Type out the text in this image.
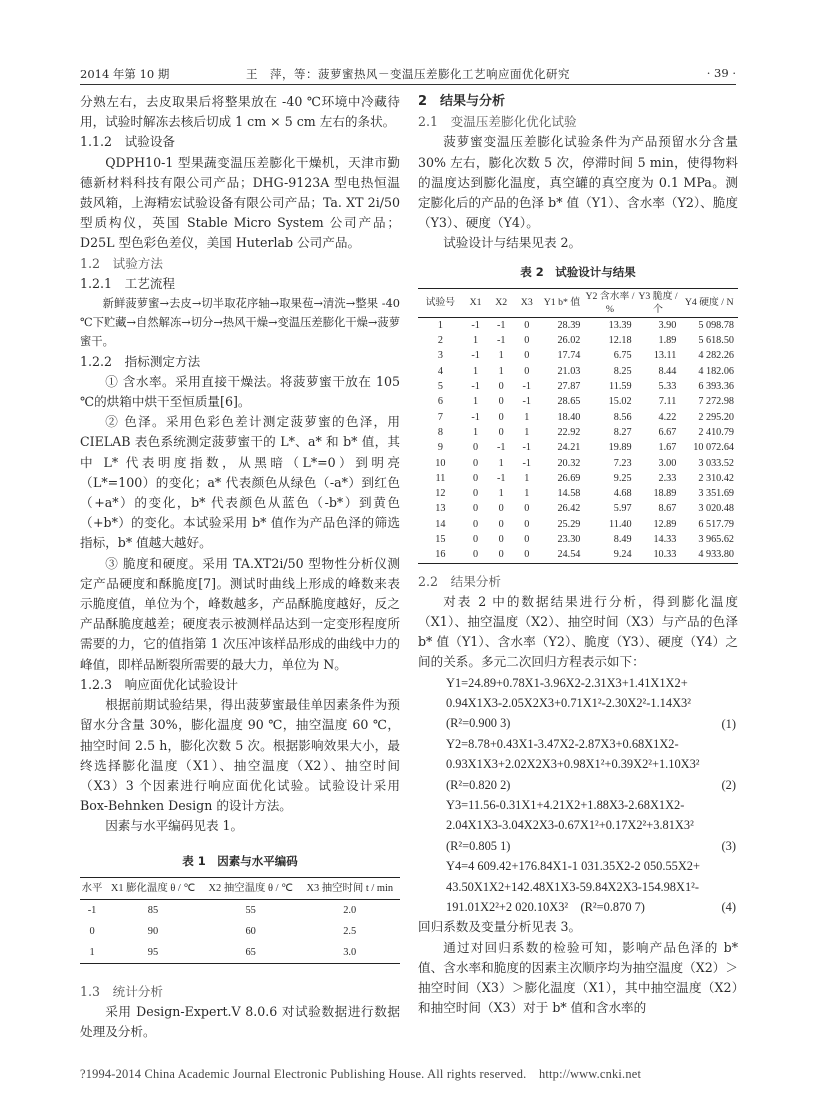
2014 年第 10 期	王　萍，等：菠萝蜜热风－变温压差膨化工艺响应面优化研究	· 39 ·

分熟左右，去皮取果后将整果放在 -40 ℃环境中冷藏待用，试验时解冻去核后切成 1 cm × 5 cm 左右的条状。

1.1.2　试验设备

QDPH10-1 型果蔬变温压差膨化干燥机，天津市勤德新材料科技有限公司产品；DHG-9123A 型电热恒温鼓风箱，上海精宏试验设备有限公司产品；Ta. XT 2i/50 型质构仪，英国 Stable Micro System 公司产品；D25L 型色彩色差仪，美国 Huterlab 公司产品。

1.2　试验方法

1.2.1　工艺流程

新鲜菠萝蜜→去皮→切半取花序轴→取果苞→清洗→整果 -40 ℃下贮藏→自然解冻→切分→热风干燥→变温压差膨化干燥→菠萝蜜干。

1.2.2　指标测定方法

① 含水率。采用直接干燥法。将菠萝蜜干放在 105 ℃的烘箱中烘干至恒质量[6]。

② 色泽。采用色彩色差计测定菠萝蜜的色泽，用 CIELAB 表色系统测定菠萝蜜干的 L*、a* 和 b* 值，其中 L* 代表明度指数，从黑暗（L*=0）到明亮（L*=100）的变化；a* 代表颜色从绿色（-a*）到红色（+a*）的变化，b* 代表颜色从蓝色（-b*）到黄色（+b*）的变化。本试验采用 b* 值作为产品色泽的筛选指标，b* 值越大越好。

③ 脆度和硬度。采用 TA.XT2i/50 型物性分析仪测定产品硬度和酥脆度[7]。测试时曲线上形成的峰数来表示脆度值，单位为个，峰数越多，产品酥脆度越好，反之产品酥脆度越差；硬度表示被测样品达到一定变形程度所需要的力，它的值指第 1 次压冲该样品形成的曲线中力的峰值，即样品断裂所需要的最大力，单位为 N。

1.2.3　响应面优化试验设计

根据前期试验结果，得出菠萝蜜最佳单因素条件为预留水分含量 30%，膨化温度 90 ℃，抽空温度 60 ℃，抽空时间 2.5 h，膨化次数 5 次。根据影响效果大小，最终选择膨化温度（X1）、抽空温度（X2）、抽空时间（X3）3 个因素进行响应面优化试验。试验设计采用 Box-Behnken Design 的设计方法。

因素与水平编码见表 1。

表 1　因素与水平编码
水平	X1 膨化温度 θ / ℃	X2 抽空温度 θ / ℃	X3 抽空时间 t / min
-1	85	55	2.0
0	90	60	2.5
1	95	65	3.0

1.3　统计分析

采用 Design-Expert.V 8.0.6 对试验数据进行数据处理及分析。

2　结果与分析

2.1　变温压差膨化优化试验

菠萝蜜变温压差膨化试验条件为产品预留水分含量 30% 左右，膨化次数 5 次，停滞时间 5 min，使得物料的温度达到膨化温度，真空罐的真空度为 0.1 MPa。测定膨化后的产品的色泽 b* 值（Y1）、含水率（Y2）、脆度（Y3）、硬度（Y4）。

试验设计与结果见表 2。

表 2　试验设计与结果
试验号	X1	X2	X3	Y1 b* 值	Y2 含水率 / %	Y3 脆度 / 个	Y4 硬度 / N
1	-1	-1	0	28.39	13.39	3.90	5 098.78
2	1	-1	0	26.02	12.18	1.89	5 618.50
3	-1	1	0	17.74	6.75	13.11	4 282.26
4	1	1	0	21.03	8.25	8.44	4 182.06
5	-1	0	-1	27.87	11.59	5.33	6 393.36
6	1	0	-1	28.65	15.02	7.11	7 272.98
7	-1	0	1	18.40	8.56	4.22	2 295.20
8	1	0	1	22.92	8.27	6.67	2 410.79
9	0	-1	-1	24.21	19.89	1.67	10 072.64
10	0	1	-1	20.32	7.23	3.00	3 033.52
11	0	-1	1	26.69	9.25	2.33	2 310.42
12	0	1	1	14.58	4.68	18.89	3 351.69
13	0	0	0	26.42	5.97	8.67	3 020.48
14	0	0	0	25.29	11.40	12.89	6 517.79
15	0	0	0	23.30	8.49	14.33	3 965.62
16	0	0	0	24.54	9.24	10.33	4 933.80

2.2　结果分析

对表 2 中的数据结果进行分析，得到膨化温度（X1）、抽空温度（X2）、抽空时间（X3）与产品的色泽 b* 值（Y1）、含水率（Y2）、脆度（Y3）、硬度（Y4）之间的关系。多元二次回归方程表示如下：

Y1=24.89+0.78X1-3.96X2-2.31X3+1.41X1X2+
0.94X1X3-2.05X2X3+0.71X1²-2.30X2²-1.14X3²
(R²=0.900 3)	(1)
Y2=8.78+0.43X1-3.47X2-2.87X3+0.68X1X2-
0.93X1X3+2.02X2X3+0.98X1²+0.39X2²+1.10X3²
(R²=0.820 2)	(2)
Y3=11.56-0.31X1+4.21X2+1.88X3-2.68X1X2-
2.04X1X3-3.04X2X3-0.67X1²+0.17X2²+3.81X3²
(R²=0.805 1)	(3)
Y4=4 609.42+176.84X1-1 031.35X2-2 050.55X2+
43.50X1X2+142.48X1X3-59.84X2X3-154.98X1²-
191.01X2²+2 020.10X3²　(R²=0.870 7)	(4)

回归系数及变量分析见表 3。

通过对回归系数的检验可知，影响产品色泽的 b* 值、含水率和脆度的因素主次顺序均为抽空温度（X2）＞抽空时间（X3）＞膨化温度（X1），其中抽空温度（X2）和抽空时间（X3）对于 b* 值和含水率的

?1994-2014 China Academic Journal Electronic Publishing House. All rights reserved.　http://www.cnki.net
